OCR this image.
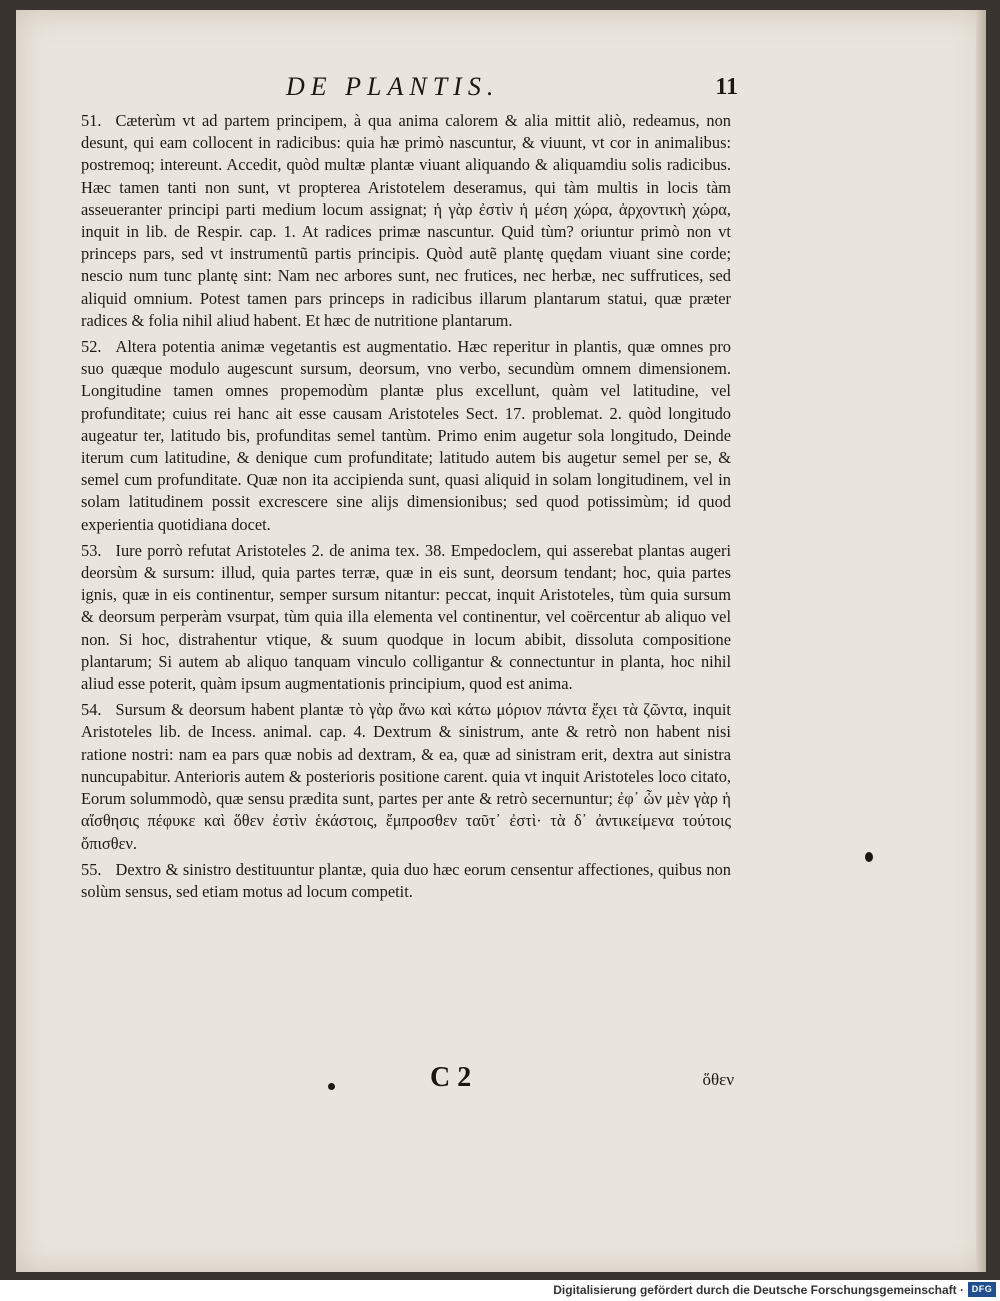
DE PLANTIS.	11

51. Cæterùm vt ad partem principem, à qua anima calorem & alia mittit aliò, redeamus, non desunt, qui eam collocent in radicibus: quia hæ primò nascuntur, & viuunt, vt cor in animalibus: postremoq; intereunt. Accedit, quòd multæ plantæ viuant aliquando & aliquamdiu solis radicibus. Hæc tamen tanti non sunt, vt propterea Aristotelem deseramus, qui tàm multis in locis tàm asseueranter principi parti medium locum assignat; ἡ γὰρ ἐστὶν ἡ μέση χώρα, ἀρχοντικὴ χώρα, inquit in lib. de Respir. cap. 1. At radices primæ nascuntur. Quid tùm? oriuntur primò non vt princeps pars, sed vt instrumentũ partis principis. Quòd autẽ plantę quędam viuant sine corde; nescio num tunc plantę sint: Nam nec arbores sunt, nec frutices, nec herbæ, nec suffrutices, sed aliquid omnium. Potest tamen pars princeps in radicibus illarum plantarum statui, quæ præter radices & folia nihil aliud habent. Et hæc de nutritione plantarum.

52. Altera potentia animæ vegetantis est augmentatio. Hæc reperitur in plantis, quæ omnes pro suo quæque modulo augescunt sursum, deorsum, vno verbo, secundùm omnem dimensionem. Longitudine tamen omnes propemodùm plantæ plus excellunt, quàm vel latitudine, vel profunditate; cuius rei hanc ait esse causam Aristoteles Sect. 17. problemat. 2. quòd longitudo augeatur ter, latitudo bis, profunditas semel tantùm. Primo enim augetur sola longitudo, Deinde iterum cum latitudine, & denique cum profunditate; latitudo autem bis augetur semel per se, & semel cum profunditate. Quæ non ita accipienda sunt, quasi aliquid in solam longitudinem, vel in solam latitudinem possit excrescere sine alijs dimensionibus; sed quod potissimùm; id quod experientia quotidiana docet.

53. Iure porrò refutat Aristoteles 2. de anima tex. 38. Empedoclem, qui asserebat plantas augeri deorsùm & sursum: illud, quia partes terræ, quæ in eis sunt, deorsum tendant; hoc, quia partes ignis, quæ in eis continentur, semper sursum nitantur: peccat, inquit Aristoteles, tùm quia sursum & deorsum perperàm vsurpat, tùm quia illa elementa vel continentur, vel coërcentur ab aliquo vel non. Si hoc, distrahentur vtique, & suum quodque in locum abibit, dissoluta compositione plantarum; Si autem ab aliquo tanquam vinculo colligantur & connectuntur in planta, hoc nihil aliud esse poterit, quàm ipsum augmentationis principium, quod est anima.

54. Sursum & deorsum habent plantæ τὸ γὰρ ἄνω καὶ κάτω μόριον πάντα ἔχει τὰ ζῶντα, inquit Aristoteles lib. de Incess. animal. cap. 4. Dextrum & sinistrum, ante & retrò non habent nisi ratione nostri: nam ea pars quæ nobis ad dextram, & ea, quæ ad sinistram erit, dextra aut sinistra nuncupabitur. Anterioris autem & posterioris positione carent. quia vt inquit Aristoteles loco citato, Eorum solummodò, quæ sensu prædita sunt, partes per ante & retrò secernuntur; ἐφ᾽ ὧν μὲν γὰρ ἡ αἴσθησις πέφυκε καὶ ὅθεν ἐστὶν ἑκάστοις, ἔμπροσθεν ταῦτ᾽ ἐστὶ· τὰ δ᾽ ἀντικείμενα τούτοις ὄπισθεν.

55. Dextro & sinistro destituuntur plantæ, quia duo hæc eorum censentur affectiones, quibus non solùm sensus, sed etiam motus ad locum competit.

C 2	ὅθεν
Digitalisierung gefördert durch die Deutsche Forschungsgemeinschaft · DFG
